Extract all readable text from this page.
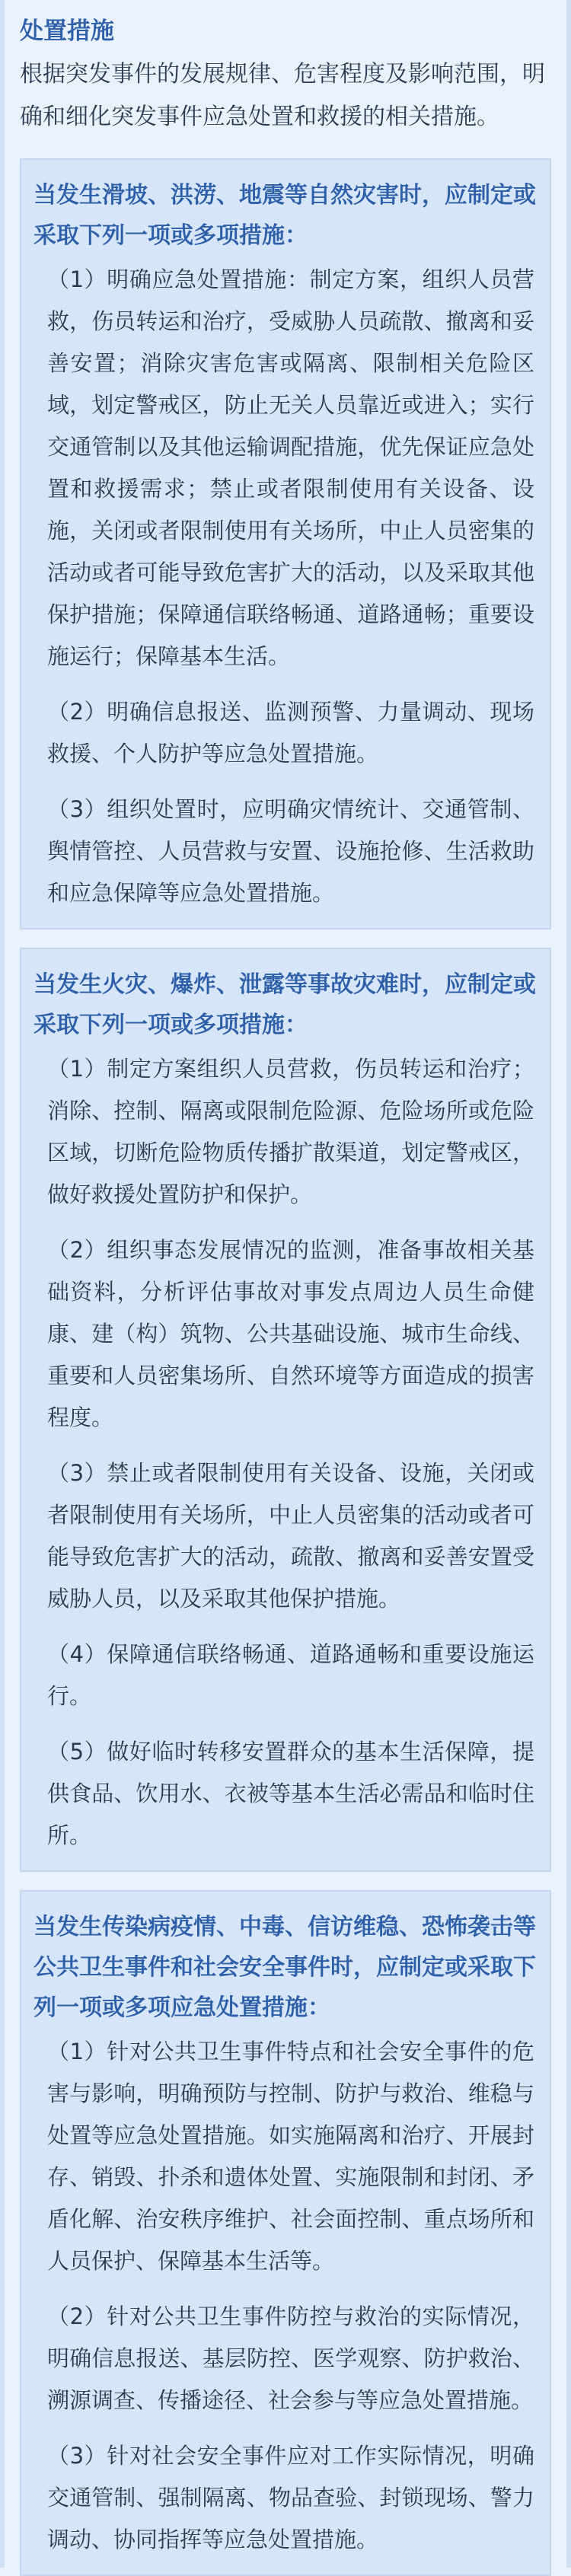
处置措施
根据突发事件的发展规律、危害程度及影响范围，明确和细化突发事件应急处置和救援的相关措施。
当发生滑坡、洪涝、地震等自然灾害时，应制定或采取下列一项或多项措施：

（1）明确应急处置措施：制定方案，组织人员营救，伤员转运和治疗，受威胁人员疏散、撤离和妥善安置；消除灾害危害或隔离、限制相关危险区域，划定警戒区，防止无关人员靠近或进入；实行交通管制以及其他运输调配措施，优先保证应急处置和救援需求；禁止或者限制使用有关设备、设施，关闭或者限制使用有关场所，中止人员密集的活动或者可能导致危害扩大的活动，以及采取其他保护措施；保障通信联络畅通、道路通畅；重要设施运行；保障基本生活。

（2）明确信息报送、监测预警、力量调动、现场救援、个人防护等应急处置措施。

（3）组织处置时，应明确灾情统计、交通管制、舆情管控、人员营救与安置、设施抢修、生活救助和应急保障等应急处置措施。

当发生火灾、爆炸、泄露等事故灾难时，应制定或采取下列一项或多项措施：

（1）制定方案组织人员营救，伤员转运和治疗；消除、控制、隔离或限制危险源、危险场所或危险区域，切断危险物质传播扩散渠道，划定警戒区，做好救援处置防护和保护。

（2）组织事态发展情况的监测，准备事故相关基础资料，分析评估事故对事发点周边人员生命健康、建（构）筑物、公共基础设施、城市生命线、重要和人员密集场所、自然环境等方面造成的损害程度。

（3）禁止或者限制使用有关设备、设施，关闭或者限制使用有关场所，中止人员密集的活动或者可能导致危害扩大的活动，疏散、撤离和妥善安置受威胁人员，以及采取其他保护措施。

（4）保障通信联络畅通、道路通畅和重要设施运行。

（5）做好临时转移安置群众的基本生活保障，提供食品、饮用水、衣被等基本生活必需品和临时住所。

当发生传染病疫情、中毒、信访维稳、恐怖袭击等公共卫生事件和社会安全事件时，应制定或采取下列一项或多项应急处置措施：

（1）针对公共卫生事件特点和社会安全事件的危害与影响，明确预防与控制、防护与救治、维稳与处置等应急处置措施。如实施隔离和治疗、开展封存、销毁、扑杀和遗体处置、实施限制和封闭、矛盾化解、治安秩序维护、社会面控制、重点场所和人员保护、保障基本生活等。

（2）针对公共卫生事件防控与救治的实际情况，明确信息报送、基层防控、医学观察、防护救治、溯源调查、传播途径、社会参与等应急处置措施。

（3）针对社会安全事件应对工作实际情况，明确交通管制、强制隔离、物品查验、封锁现场、警力调动、协同指挥等应急处置措施。
